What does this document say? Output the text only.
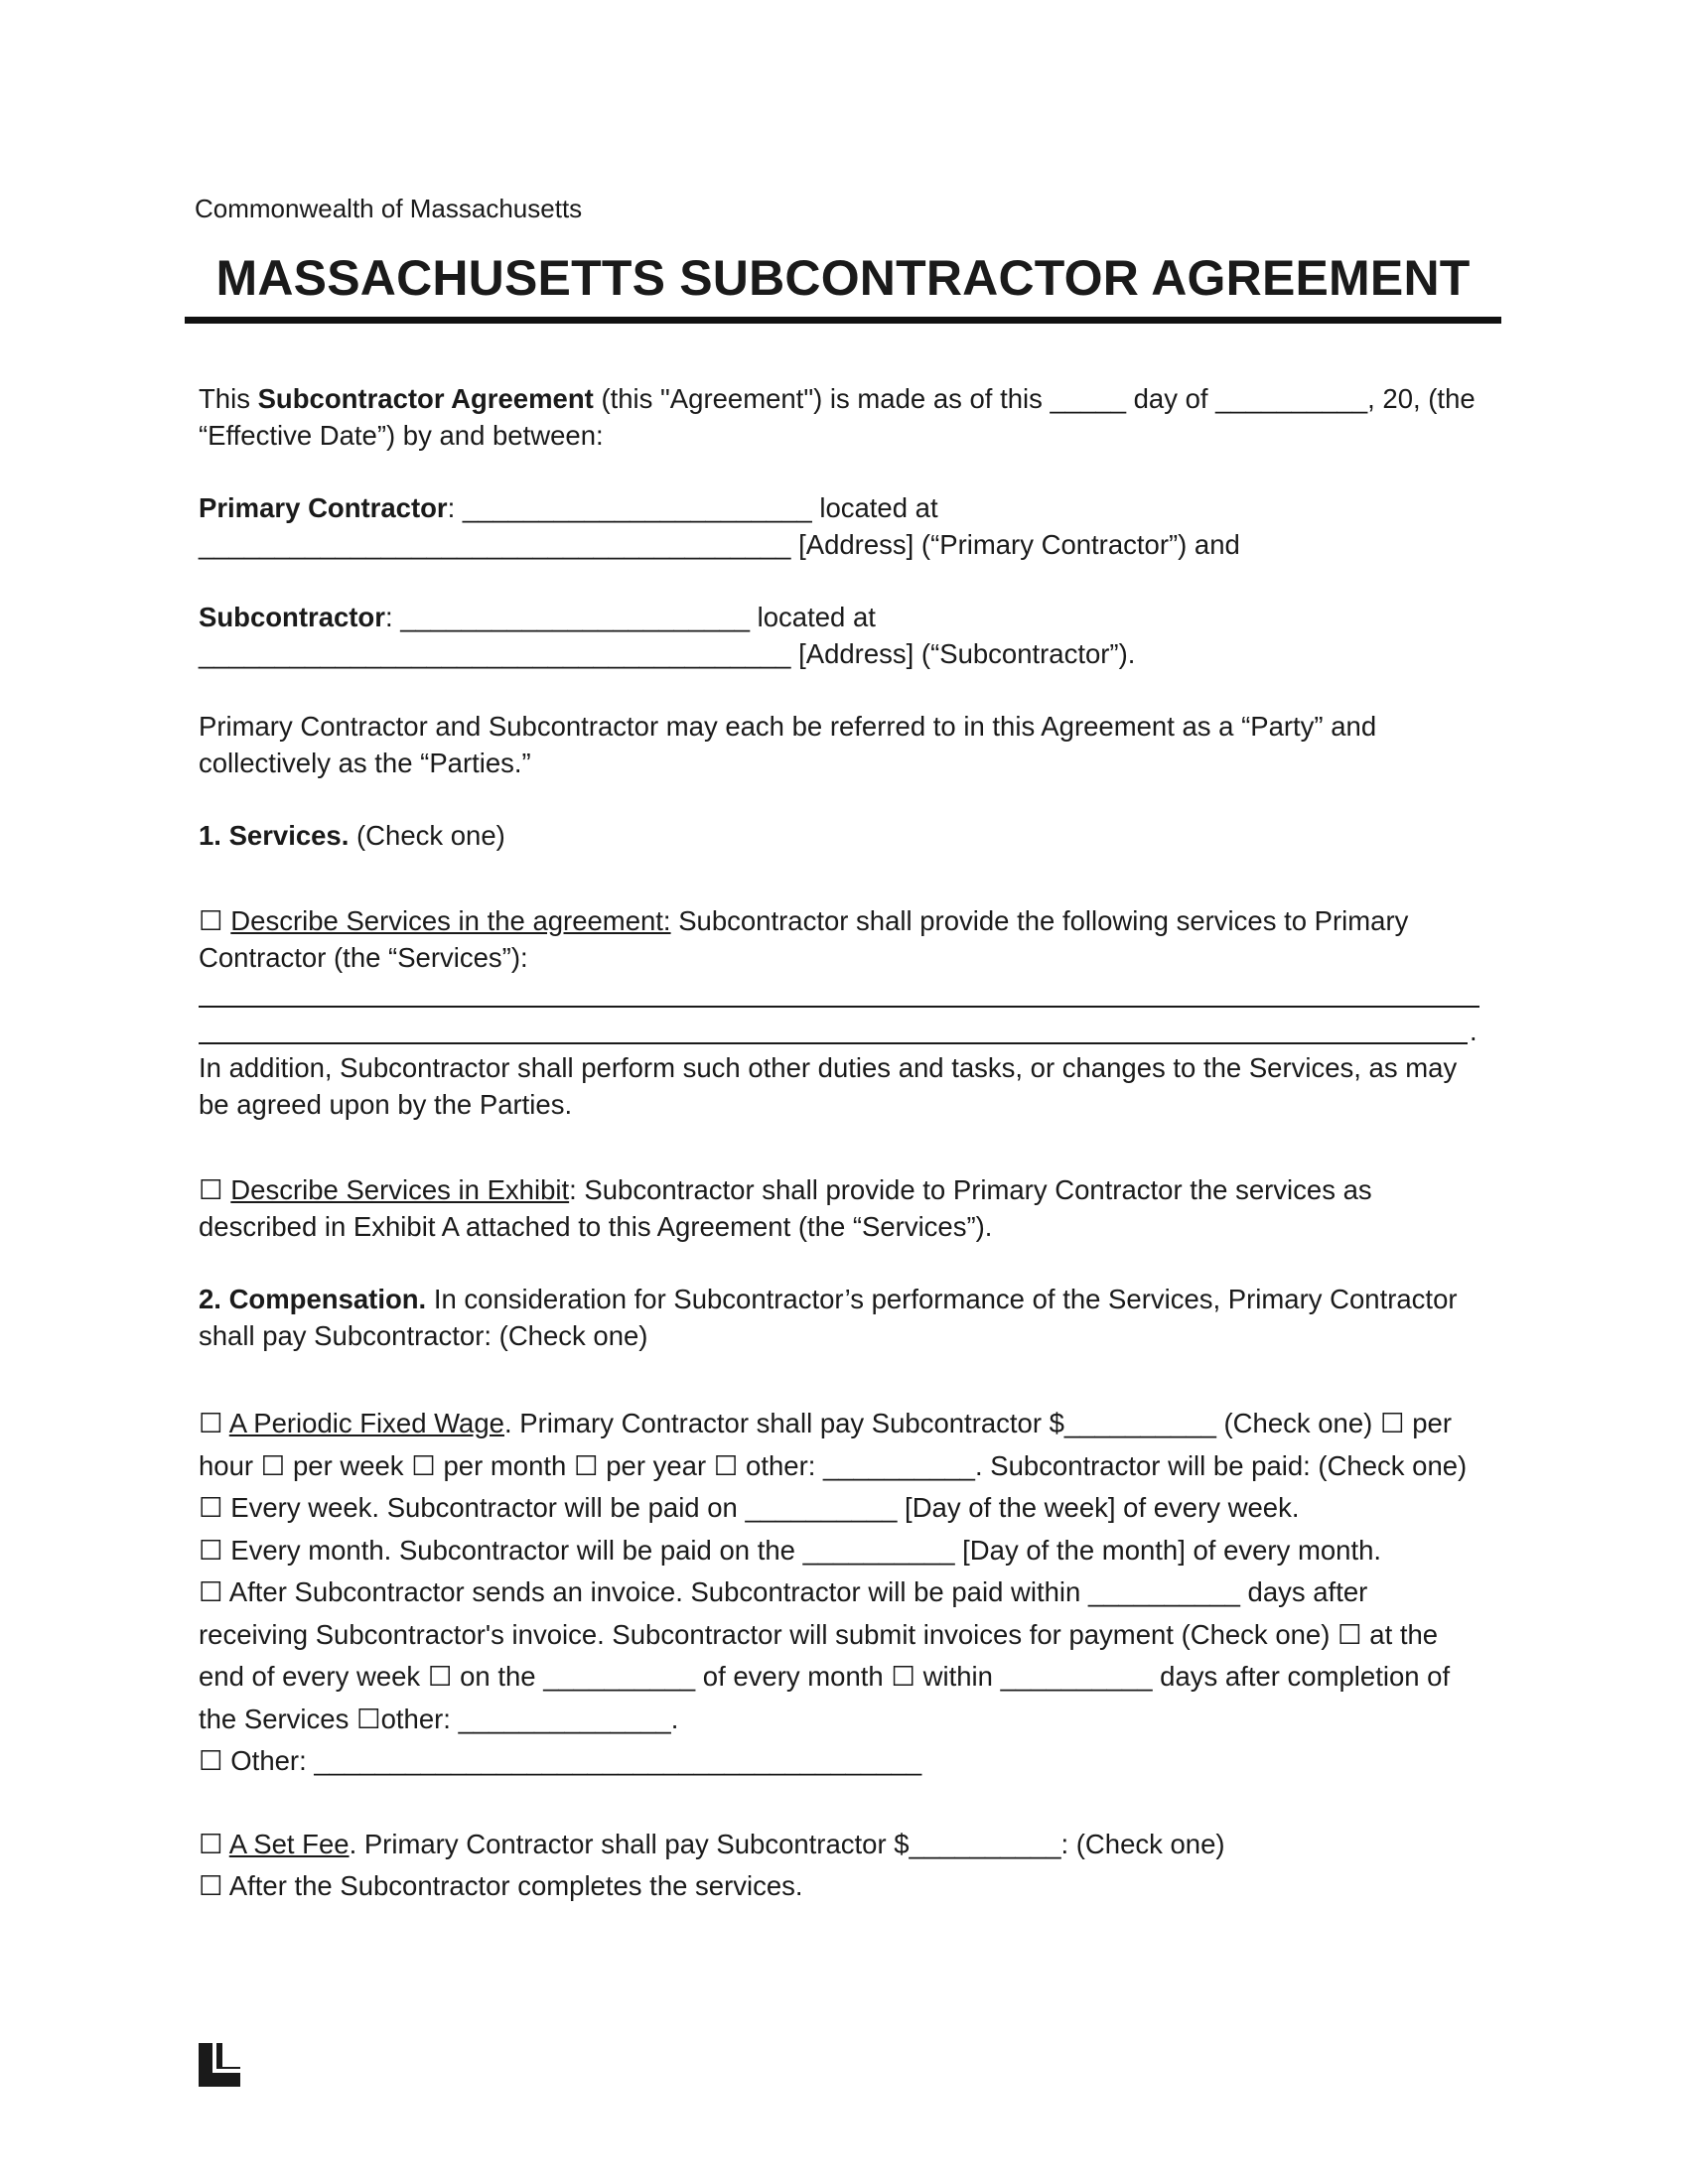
Commonwealth of Massachusetts
MASSACHUSETTS SUBCONTRACTOR AGREEMENT
This Subcontractor Agreement (this "Agreement") is made as of this _____ day of __________, 20, (the
“Effective Date”) by and between:
Primary Contractor: _______________________ located at
_______________________________________ [Address] (“Primary Contractor”) and
Subcontractor: _______________________ located at
_______________________________________ [Address] (“Subcontractor”).
Primary Contractor and Subcontractor may each be referred to in this Agreement as a “Party” and
collectively as the “Parties.”
1. Services. (Check one)
☐ Describe Services in the agreement: Subcontractor shall provide the following services to Primary
Contractor (the “Services”):
.
In addition, Subcontractor shall perform such other duties and tasks, or changes to the Services, as may
be agreed upon by the Parties.
☐ Describe Services in Exhibit: Subcontractor shall provide to Primary Contractor the services as
described in Exhibit A attached to this Agreement (the “Services”).
2. Compensation. In consideration for Subcontractor’s performance of the Services, Primary Contractor
shall pay Subcontractor: (Check one)
☐ A Periodic Fixed Wage. Primary Contractor shall pay Subcontractor $__________ (Check one) ☐ per
hour ☐ per week ☐ per month ☐ per year ☐ other: __________. Subcontractor will be paid: (Check one)
☐ Every week. Subcontractor will be paid on __________ [Day of the week] of every week.
☐ Every month. Subcontractor will be paid on the __________ [Day of the month] of every month.
☐ After Subcontractor sends an invoice. Subcontractor will be paid within __________ days after
receiving Subcontractor's invoice. Subcontractor will submit invoices for payment (Check one) ☐ at the
end of every week ☐ on the __________ of every month ☐ within __________ days after completion of
the Services ☐other: ______________.
☐ Other: ________________________________________
☐ A Set Fee. Primary Contractor shall pay Subcontractor $__________: (Check one)
☐ After the Subcontractor completes the services.
